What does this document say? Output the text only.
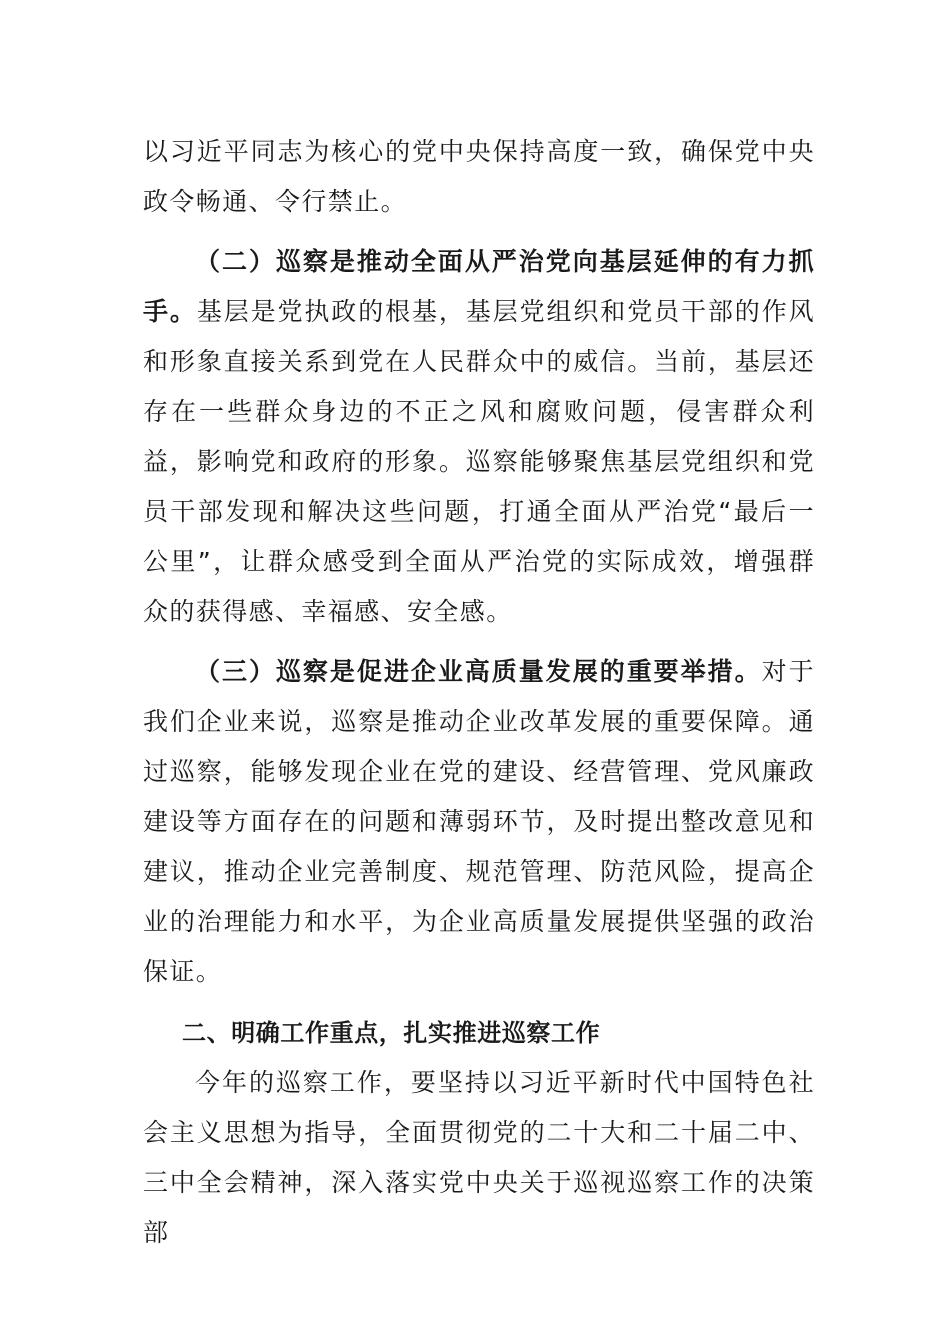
以习近平同志为核心的党中央保持高度一致，确保党中央政令畅通、令行禁止。

（二）巡察是推动全面从严治党向基层延伸的有力抓手。基层是党执政的根基，基层党组织和党员干部的作风和形象直接关系到党在人民群众中的威信。当前，基层还存在一些群众身边的不正之风和腐败问题，侵害群众利益，影响党和政府的形象。巡察能够聚焦基层党组织和党员干部发现和解决这些问题，打通全面从严治党“最后一公里”，让群众感受到全面从严治党的实际成效，增强群众的获得感、幸福感、安全感。

（三）巡察是促进企业高质量发展的重要举措。对于我们企业来说，巡察是推动企业改革发展的重要保障。通过巡察，能够发现企业在党的建设、经营管理、党风廉政建设等方面存在的问题和薄弱环节，及时提出整改意见和建议，推动企业完善制度、规范管理、防范风险，提高企业的治理能力和水平，为企业高质量发展提供坚强的政治保证。

二、明确工作重点，扎实推进巡察工作

今年的巡察工作，要坚持以习近平新时代中国特色社会主义思想为指导，全面贯彻党的二十大和二十届二中、三中全会精神，深入落实党中央关于巡视巡察工作的决策部
